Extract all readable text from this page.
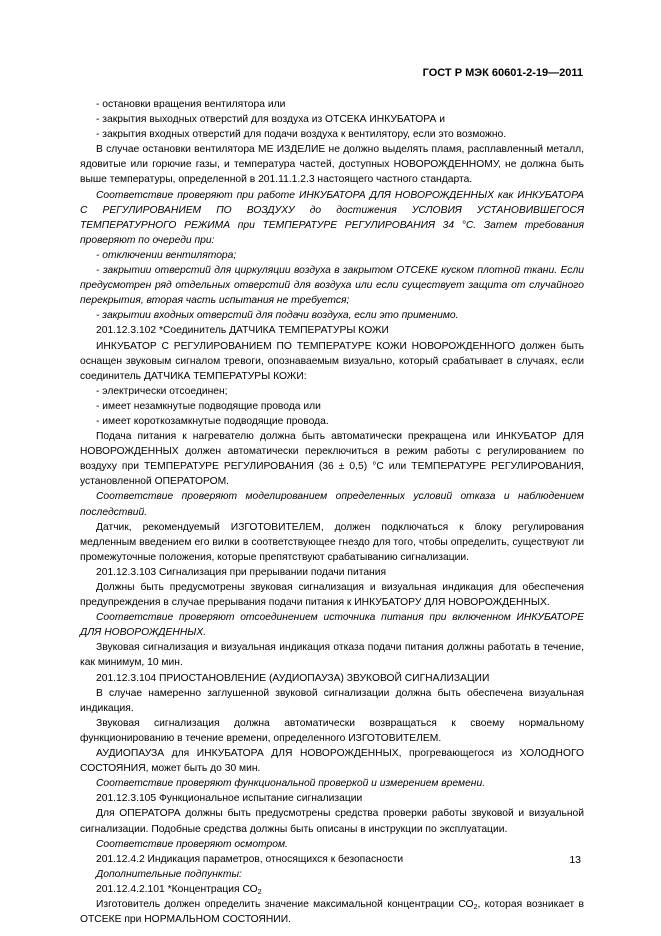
ГОСТ Р МЭК 60601-2-19—2011
- остановки вращения вентилятора или
- закрытия выходных отверстий для воздуха из ОТСЕКА ИНКУБАТОРА и
- закрытия входных отверстий для подачи воздуха к вентилятору, если это возможно.
В случае остановки вентилятора МЕ ИЗДЕЛИЕ не должно выделять пламя, расплавленный металл, ядовитые или горючие газы, и температура частей, доступных НОВОРОЖДЕННОМУ, не должна быть выше температуры, определенной в 201.11.1.2.3 настоящего частного стандарта.
Соответствие проверяют при работе ИНКУБАТОРА ДЛЯ НОВОРОЖДЕННЫХ как ИНКУБАТОРА С РЕГУЛИРОВАНИЕМ ПО ВОЗДУХУ до достижения УСЛОВИЯ УСТАНОВИВШЕГОСЯ ТЕМПЕРАТУРНОГО РЕЖИМА при ТЕМПЕРАТУРЕ РЕГУЛИРОВАНИЯ 34 °С. Затем требования проверяют по очереди при:
- отключении вентилятора;
- закрытии отверстий для циркуляции воздуха в закрытом ОТСЕКЕ куском плотной ткани. Если предусмотрен ряд отдельных отверстий для воздуха или если существует защита от случайного перекрытия, вторая часть испытания не требуется;
- закрытии входных отверстий для подачи воздуха, если это применимо.
201.12.3.102 *Соединитель ДАТЧИКА ТЕМПЕРАТУРЫ КОЖИ
ИНКУБАТОР С РЕГУЛИРОВАНИЕМ ПО ТЕМПЕРАТУРЕ КОЖИ НОВОРОЖДЕННОГО должен быть оснащен звуковым сигналом тревоги, опознаваемым визуально, который срабатывает в случаях, если соединитель ДАТЧИКА ТЕМПЕРАТУРЫ КОЖИ:
- электрически отсоединен;
- имеет незамкнутые подводящие провода или
- имеет короткозамкнутые подводящие провода.
Подача питания к нагревателю должна быть автоматически прекращена или ИНКУБАТОР ДЛЯ НОВОРОЖДЕННЫХ должен автоматически переключиться в режим работы с регулированием по воздуху при ТЕМПЕРАТУРЕ РЕГУЛИРОВАНИЯ (36 ± 0,5) °С или ТЕМПЕРАТУРЕ РЕГУЛИРОВАНИЯ, установленной ОПЕРАТОРОМ.
Соответствие проверяют моделированием определенных условий отказа и наблюдением последствий.
Датчик, рекомендуемый ИЗГОТОВИТЕЛЕМ, должен подключаться к блоку регулирования медленным введением его вилки в соответствующее гнездо для того, чтобы определить, существуют ли промежуточные положения, которые препятствуют срабатыванию сигнализации.
201.12.3.103 Сигнализация при прерывании подачи питания
Должны быть предусмотрены звуковая сигнализация и визуальная индикация для обеспечения предупреждения в случае прерывания подачи питания к ИНКУБАТОРУ ДЛЯ НОВОРОЖДЕННЫХ.
Соответствие проверяют отсоединением источника питания при включенном ИНКУБАТОРЕ ДЛЯ НОВОРОЖДЕННЫХ.
Звуковая сигнализация и визуальная индикация отказа подачи питания должны работать в течение, как минимум, 10 мин.
201.12.3.104 ПРИОСТАНОВЛЕНИЕ (АУДИОПАУЗА) ЗВУКОВОЙ СИГНАЛИЗАЦИИ
В случае намеренно заглушенной звуковой сигнализации должна быть обеспечена визуальная индикация.
Звуковая сигнализация должна автоматически возвращаться к своему нормальному функционированию в течение времени, определенного ИЗГОТОВИТЕЛЕМ.
АУДИОПАУЗА для ИНКУБАТОРА ДЛЯ НОВОРОЖДЕННЫХ, прогревающегося из ХОЛОДНОГО СОСТОЯНИЯ, может быть до 30 мин.
Соответствие проверяют функциональной проверкой и измерением времени.
201.12.3.105 Функциональное испытание сигнализации
Для ОПЕРАТОРА должны быть предусмотрены средства проверки работы звуковой и визуальной сигнализации. Подобные средства должны быть описаны в инструкции по эксплуатации.
Соответствие проверяют осмотром.
201.12.4.2 Индикация параметров, относящихся к безопасности
Дополнительные подпункты:
201.12.4.2.101 *Концентрация $СО_2$
Изготовитель должен определить значение максимальной концентрации $СО_2$, которая возникает в ОТСЕКЕ при НОРМАЛЬНОМ СОСТОЯНИИ.
13
